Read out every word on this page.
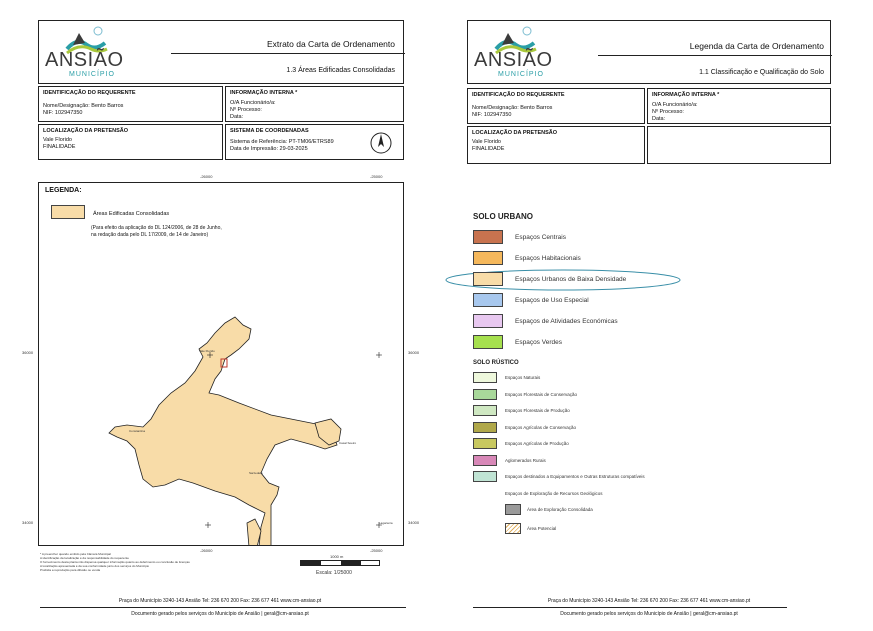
ANSIÃO
MUNICÍPIO
Extrato da Carta de Ordenamento
1.3 Áreas Edificadas Consolidadas
IDENTIFICAÇÃO DO REQUERENTE
Nome/Designação: Bento Barros
NIF: 102947350
INFORMAÇÃO INTERNA *
O/A Funcionário/a:
Nº Processo:
Data:
LOCALIZAÇÃO DA PRETENSÃO
Vale Florido
FINALIDADE
SISTEMA DE COORDENADAS
Sistema de Referência: PT-TM06/ETRS89
Data de Impressão: 29-03-2025
-26000	-25000
36000	36000
34000	34000
-26000	-25000
LEGENDA:
Áreas Edificadas Consolidadas
(Para efeito da aplicação do DL 124/2006, de 28 de Junho,
na redação dada pelo DL 17/2009, de 14 de Janeiro)
Vale Florido
Sarzedela
Constantina
Casal Soeiro
Lagarteira
* A preencher quando emitido pela Câmara Municipal
A identificação da localização é da responsabilidade do requerente
O fornecimento desta planta não dispensa qualquer informação quanto ao deferimento ou conclusão de licenças
A localização apresentada é da sua conformidade junto dos serviços do Município
Proibida a reprodução para difusão ou venda
1000 m
Escala: 1/25000
Praça do Município 3240-143 Ansião Tel: 236 670 200 Fax: 236 677 461 www.cm-ansiao.pt
Documento gerado pelos serviços do Município de Ansião | geral@cm-ansiao.pt
ANSIÃO
MUNICÍPIO
Legenda da Carta de Ordenamento
1.1 Classificação e Qualificação do Solo
IDENTIFICAÇÃO DO REQUERENTE
Nome/Designação: Bento Barros
NIF: 102947350
INFORMAÇÃO INTERNA *
O/A Funcionário/a:
Nº Processo:
Data:
LOCALIZAÇÃO DA PRETENSÃO
Vale Florido
FINALIDADE
SOLO URBANO
SOLO RÚSTICO
Espaços de Exploração de Recursos Geológicos
Praça do Município 3240-143 Ansião Tel: 236 670 200 Fax: 236 677 461 www.cm-ansiao.pt
Documento gerado pelos serviços do Município de Ansião | geral@cm-ansiao.pt
Espaços Centrais
Espaços Habitacionais
Espaços Urbanos de Baixa Densidade
Espaços de Uso Especial
Espaços de Atividades Económicas
Espaços Verdes
Espaços Naturais
Espaços Florestais de Conservação
Espaços Florestais de Produção
Espaços Agrícolas de Conservação
Espaços Agrícolas de Produção
Aglomerados Rurais
Espaços destinados a Equipamentos e Outras Estruturas compatíveis
Área de Exploração Consolidada
Área Potencial
